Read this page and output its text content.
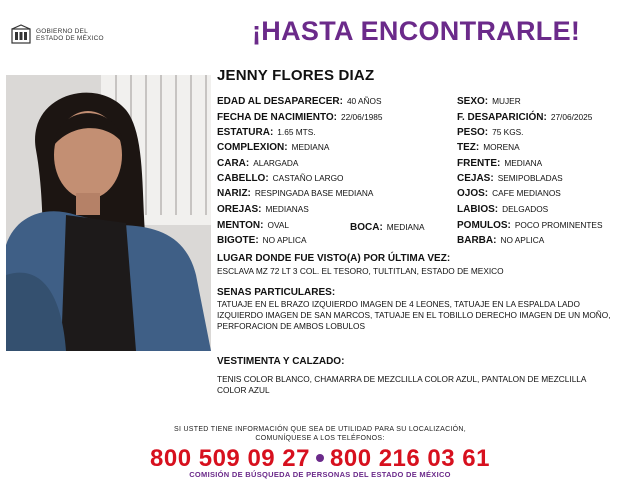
GOBIERNO DEL
ESTADO DE MÉXICO	¡HASTA ENCONTRARLE!
JENNY FLORES DIAZ
EDAD AL DESAPARECER: 40 AÑOS
FECHA DE NACIMIENTO: 22/06/1985
ESTATURA: 1.65 MTS.
COMPLEXION: MEDIANA
CARA: ALARGADA
CABELLO: CASTAÑO LARGO
NARIZ: RESPINGADA BASE MEDIANA
OREJAS: MEDIANAS
MENTON: OVAL	BOCA: MEDIANA
BIGOTE: NO APLICA
SEXO: MUJER
F. DESAPARICIÓN: 27/06/2025
PESO: 75 KGS.
TEZ: MORENA
FRENTE: MEDIANA
CEJAS: SEMIPOBLADAS
OJOS: CAFE MEDIANOS
LABIOS: DELGADOS
POMULOS: POCO PROMINENTES
BARBA: NO APLICA
LUGAR DONDE FUE VISTO(A) POR ÚLTIMA VEZ:
ESCLAVA MZ 72 LT 3 COL. EL TESORO, TULTITLAN, ESTADO DE MEXICO
SENAS PARTICULARES:
TATUAJE EN EL BRAZO IZQUIERDO IMAGEN DE 4 LEONES, TATUAJE EN LA ESPALDA LADO IZQUIERDO IMAGEN DE SAN MARCOS, TATUAJE EN EL TOBILLO DERECHO IMAGEN DE UN MOÑO, PERFORACION DE AMBOS LOBULOS
VESTIMENTA Y CALZADO:
TENIS COLOR BLANCO, CHAMARRA DE MEZCLILLA COLOR AZUL, PANTALON DE MEZCLILLA COLOR AZUL
SI USTED TIENE INFORMACIÓN QUE SEA DE UTILIDAD PARA SU LOCALIZACIÓN,
COMUNÍQUESE A LOS TELÉFONOS:
800 509 09 27 800 216 03 61
COMISIÓN DE BÚSQUEDA DE PERSONAS DEL ESTADO DE MÉXICO
